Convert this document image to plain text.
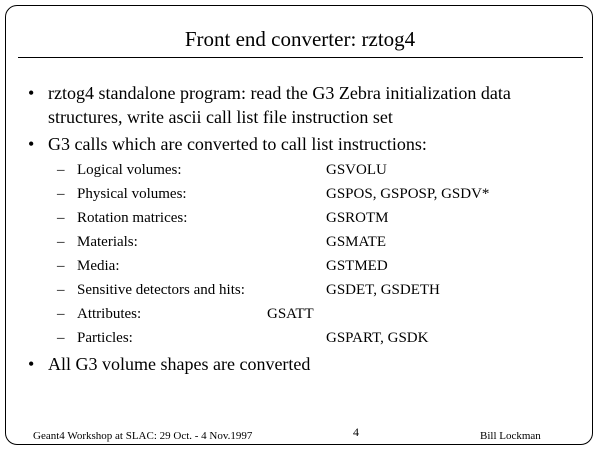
Front end converter: rztog4
• rztog4 standalone program: read the G3 Zebra initialization data structures, write ascii call list file instruction set
• G3 calls which are converted to call list instructions:
– Logical volumes:	GSVOLU
– Physical volumes:	GSPOS, GSPOSP, GSDV*
– Rotation matrices:	GSROTM
– Materials:	GSMATE
– Media:	GSTMED
– Sensitive detectors and hits:	GSDET, GSDETH
– Attributes:	GSATT
– Particles:	GSPART, GSDK
• All G3 volume shapes are converted
Geant4 Workshop at SLAC: 29 Oct. - 4 Nov.1997	4	Bill Lockman
